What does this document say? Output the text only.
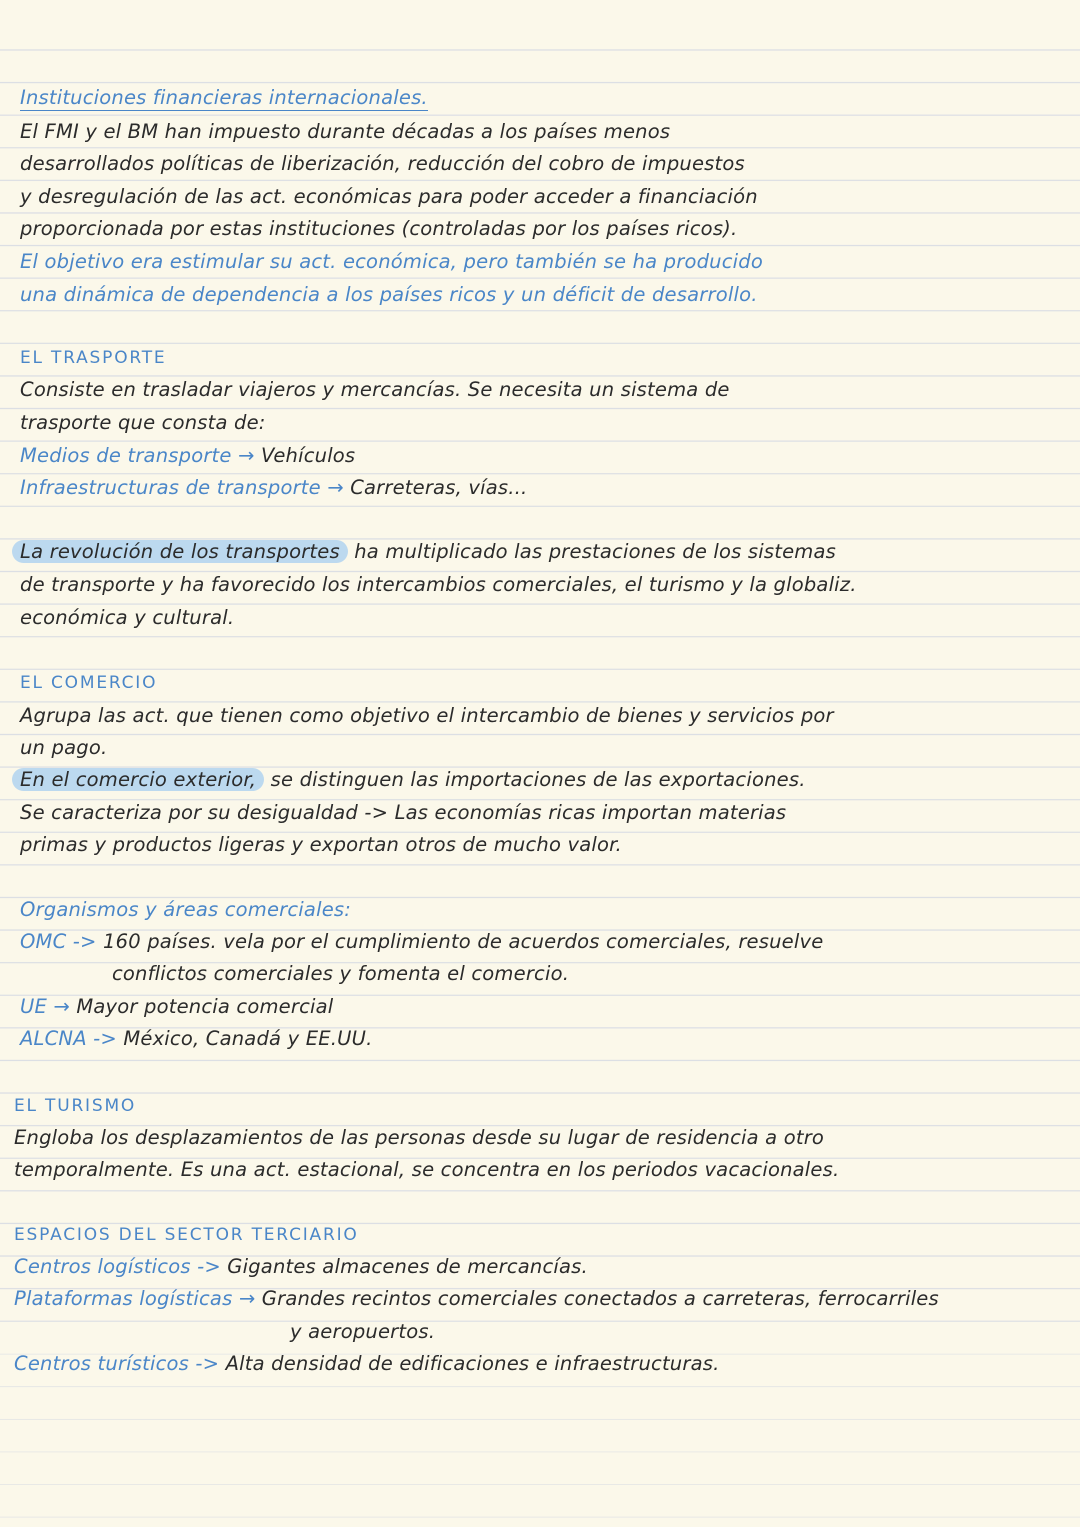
Instituciones financieras internacionales.
El FMI y el BM han impuesto durante décadas a los países menos
desarrollados políticas de liberización, reducción del cobro de impuestos
y desregulación de las act. económicas para poder acceder a financiación
proporcionada por estas instituciones (controladas por los países ricos).
El objetivo era estimular su act. económica, pero también se ha producido
una dinámica de dependencia a los países ricos y un déficit de desarrollo.
EL TRASPORTE
Consiste en trasladar viajeros y mercancías. Se necesita un sistema de
trasporte que consta de:
Medios de transporte → Vehículos
Infraestructuras de transporte → Carreteras, vías...
La revolución de los transportes ha multiplicado las prestaciones de los sistemas
de transporte y ha favorecido los intercambios comerciales, el turismo y la globaliz.
económica y cultural.
EL COMERCIO
Agrupa las act. que tienen como objetivo el intercambio de bienes y servicios por
un pago.
En el comercio exterior, se distinguen las importaciones de las exportaciones.
Se caracteriza por su desigualdad -> Las economías ricas importan materias
primas y productos ligeras y exportan otros de mucho valor.
Organismos y áreas comerciales:
OMC -> 160 países. vela por el cumplimiento de acuerdos comerciales, resuelve
conflictos comerciales y fomenta el comercio.
UE → Mayor potencia comercial
ALCNA -> México, Canadá y EE.UU.
EL TURISMO
Engloba los desplazamientos de las personas desde su lugar de residencia a otro
temporalmente. Es una act. estacional, se concentra en los periodos vacacionales.
ESPACIOS DEL SECTOR TERCIARIO
Centros logísticos -> Gigantes almacenes de mercancías.
Plataformas logísticas → Grandes recintos comerciales conectados a carreteras, ferrocarriles
y aeropuertos.
Centros turísticos -> Alta densidad de edificaciones e infraestructuras.
